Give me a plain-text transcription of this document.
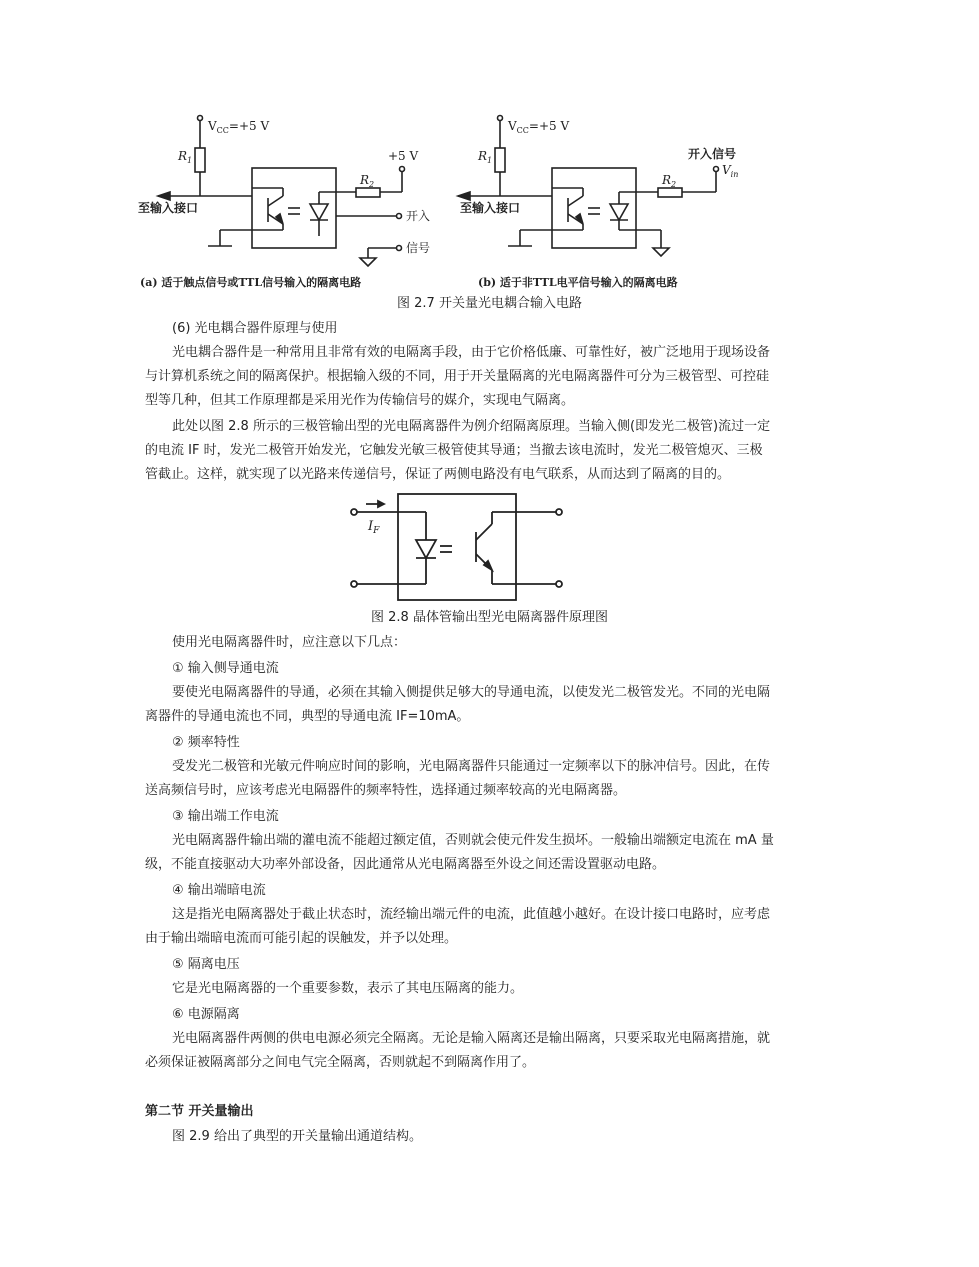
$V_{CC}=+5$ V
$R_1$
$R_2$
+5 V
至输入接口
开入
信号
$V_{CC}=+5$ V
$R_1$
$R_2$
开入信号
$V_{in}$
至输入接口
(a) 适于触点信号或TTL信号输入的隔离电路	(b) 适于非TTL电平信号输入的隔离电路
$I_F$
图 2.7 开关量光电耦合输入电路
(6) 光电耦合器件原理与使用
光电耦合器件是一种常用且非常有效的电隔离手段，由于它价格低廉、可靠性好，被广泛地用于现场设备
与计算机系统之间的隔离保护。根据输入级的不同，用于开关量隔离的光电隔离器件可分为三极管型、可控硅
型等几种，但其工作原理都是采用光作为传输信号的媒介，实现电气隔离。
此处以图 2.8 所示的三极管输出型的光电隔离器件为例介绍隔离原理。当输入侧(即发光二极管)流过一定
的电流 IF 时，发光二极管开始发光，它触发光敏三极管使其导通；当撤去该电流时，发光二极管熄灭、三极
管截止。这样，就实现了以光路来传递信号，保证了两侧电路没有电气联系，从而达到了隔离的目的。
图 2.8 晶体管输出型光电隔离器件原理图
使用光电隔离器件时，应注意以下几点：
① 输入侧导通电流
要使光电隔离器件的导通，必须在其输入侧提供足够大的导通电流，以使发光二极管发光。不同的光电隔
离器件的导通电流也不同，典型的导通电流 IF=10mA。
② 频率特性
受发光二极管和光敏元件响应时间的影响，光电隔离器件只能通过一定频率以下的脉冲信号。因此，在传
送高频信号时，应该考虑光电隔器件的频率特性，选择通过频率较高的光电隔离器。
③ 输出端工作电流
光电隔离器件输出端的灌电流不能超过额定值，否则就会使元件发生损坏。一般输出端额定电流在 mA 量
级，不能直接驱动大功率外部设备，因此通常从光电隔离器至外设之间还需设置驱动电路。
④ 输出端暗电流
这是指光电隔离器处于截止状态时，流经输出端元件的电流，此值越小越好。在设计接口电路时，应考虑
由于输出端暗电流而可能引起的误触发，并予以处理。
⑤ 隔离电压
它是光电隔离器的一个重要参数，表示了其电压隔离的能力。
⑥ 电源隔离
光电隔离器件两侧的供电电源必须完全隔离。无论是输入隔离还是输出隔离，只要采取光电隔离措施，就
必须保证被隔离部分之间电气完全隔离，否则就起不到隔离作用了。
第二节 开关量输出
图 2.9 给出了典型的开关量输出通道结构。
